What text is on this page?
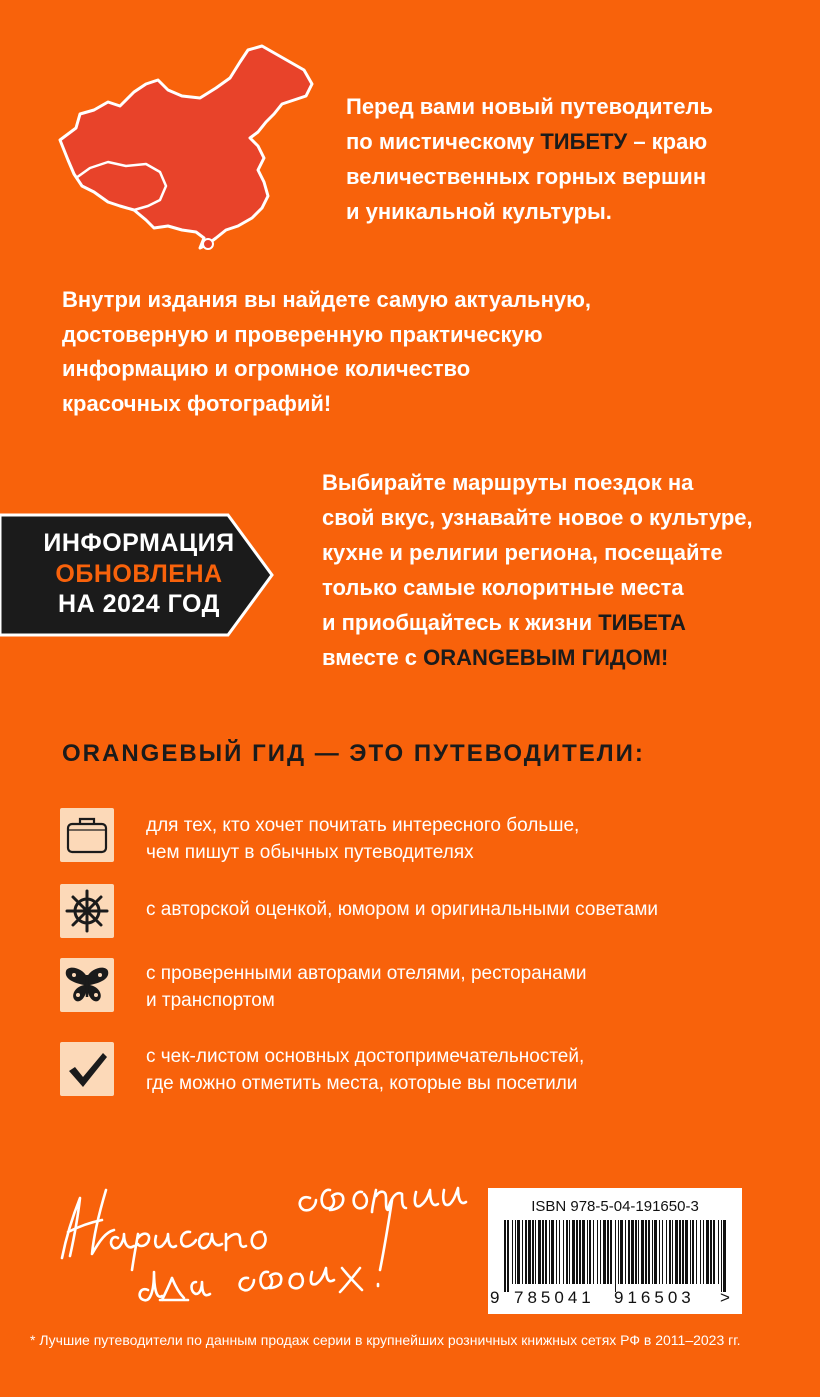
Перед вами новый путеводитель
по мистическому ТИБЕТУ – краю
величественных горных вершин
и уникальной культуры.
Внутри издания вы найдете самую актуальную,
достоверную и проверенную практическую
информацию и огромное количество
красочных фотографий!
ИНФОРМАЦИЯ
ОБНОВЛЕНА
НА 2024 ГОД
Выбирайте маршруты поездок на
свой вкус, узнавайте новое о культуре,
кухне и религии региона, посещайте
только самые колоритные места
и приобщайтесь к жизни ТИБЕТА
вместе с ORANGEВЫМ ГИДОМ!
ORANGEВЫЙ ГИД — ЭТО ПУТЕВОДИТЕЛИ:
для тех, кто хочет почитать интересного больше,
чем пишут в обычных путеводителях
с авторской оценкой, юмором и оригинальными советами
с проверенными авторами отелями, ресторанами
и транспортом
с чек-листом основных достопримечательностей,
где можно отметить места, которые вы посетили
ISBN 978-5-04-191650-3
9 785041 916503 >
* Лучшие путеводители по данным продаж серии в крупнейших розничных книжных сетях РФ в 2011–2023 гг.
